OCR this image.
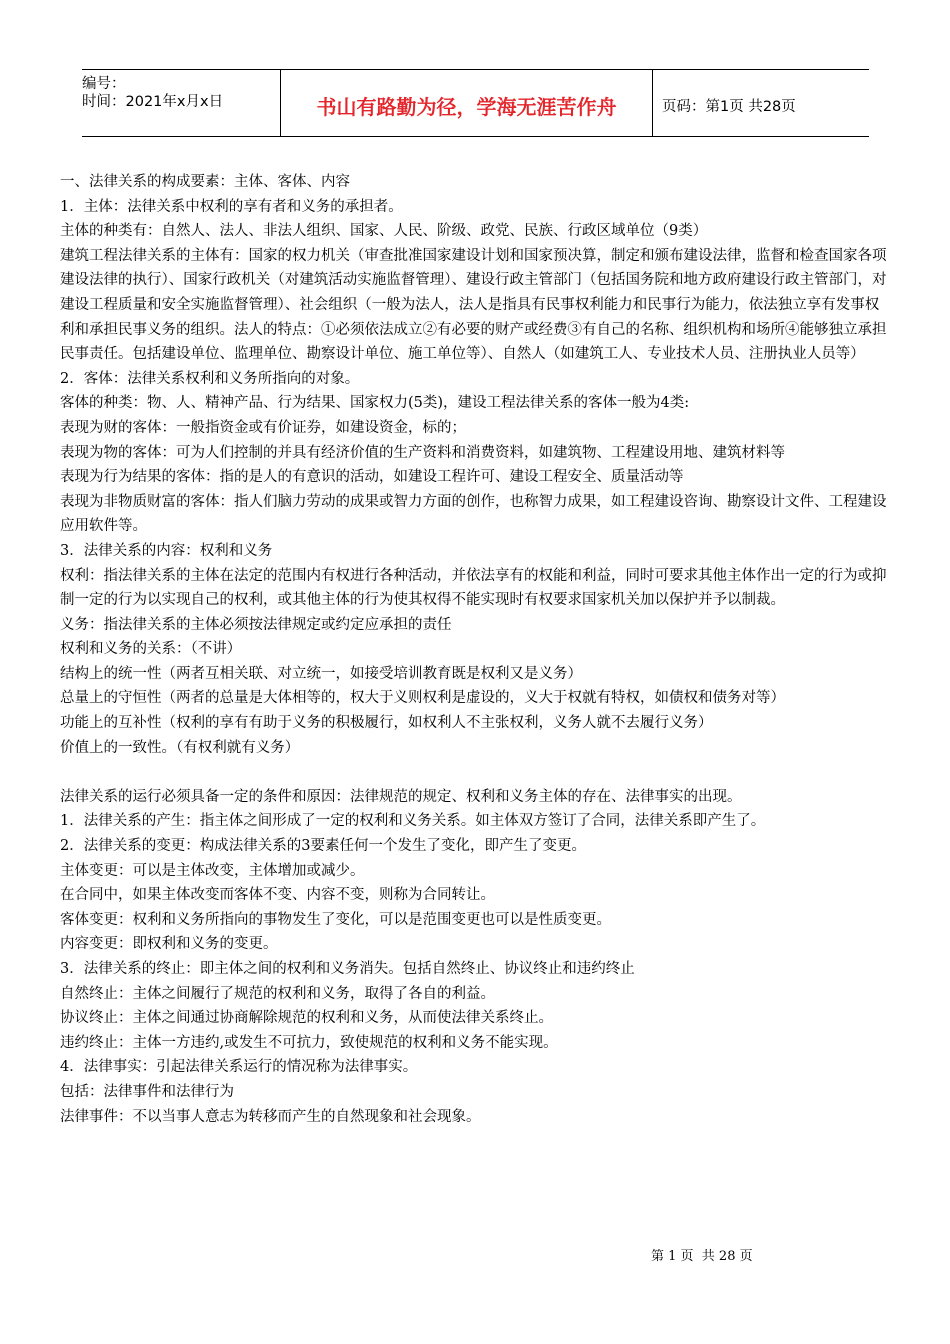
编号：
时间：2021年x月x日	书山有路勤为径，学海无涯苦作舟	页码：第1页 共28页

一、法律关系的构成要素：主体、客体、内容

1．主体：法律关系中权利的享有者和义务的承担者。

主体的种类有：自然人、法人、非法人组织、国家、人民、阶级、政党、民族、行政区域单位（9类）

建筑工程法律关系的主体有：国家的权力机关（审查批准国家建设计划和国家预决算，制定和颁布建设法律，监督和检查国家各项建设法律的执行）、国家行政机关（对建筑活动实施监督管理）、建设行政主管部门（包括国务院和地方政府建设行政主管部门，对建设工程质量和安全实施监督管理）、社会组织（一般为法人，法人是指具有民事权利能力和民事行为能力，依法独立享有发事权利和承担民事义务的组织。法人的特点：①必须依法成立②有必要的财产或经费③有自己的名称、组织机构和场所④能够独立承担民事责任。包括建设单位、监理单位、勘察设计单位、施工单位等）、自然人（如建筑工人、专业技术人员、注册执业人员等）

2．客体：法律关系权利和义务所指向的对象。

客体的种类：物、人、精神产品、行为结果、国家权力(5类)，建设工程法律关系的客体一般为4类:

表现为财的客体：一般指资金或有价证券，如建设资金，标的；

表现为物的客体：可为人们控制的并具有经济价值的生产资料和消费资料，如建筑物、工程建设用地、建筑材料等

表现为行为结果的客体：指的是人的有意识的活动，如建设工程许可、建设工程安全、质量活动等

表现为非物质财富的客体：指人们脑力劳动的成果或智力方面的创作，也称智力成果，如工程建设咨询、勘察设计文件、工程建设应用软件等。

3．法律关系的内容：权利和义务

权利：指法律关系的主体在法定的范围内有权进行各种活动，并依法享有的权能和利益，同时可要求其他主体作出一定的行为或抑制一定的行为以实现自己的权利，或其他主体的行为使其权得不能实现时有权要求国家机关加以保护并予以制裁。

义务：指法律关系的主体必须按法律规定或约定应承担的责任

权利和义务的关系：（不讲）

结构上的统一性（两者互相关联、对立统一，如接受培训教育既是权利又是义务）

总量上的守恒性（两者的总量是大体相等的，权大于义则权利是虚设的，义大于权就有特权，如债权和债务对等）

功能上的互补性（权利的享有有助于义务的积极履行，如权利人不主张权利，义务人就不去履行义务）

价值上的一致性。（有权利就有义务）

法律关系的运行必须具备一定的条件和原因：法律规范的规定、权利和义务主体的存在、法律事实的出现。

1．法律关系的产生：指主体之间形成了一定的权利和义务关系。如主体双方签订了合同，法律关系即产生了。

2．法律关系的变更：构成法律关系的3要素任何一个发生了变化，即产生了变更。

主体变更：可以是主体改变，主体增加或减少。

在合同中，如果主体改变而客体不变、内容不变，则称为合同转让。

客体变更：权利和义务所指向的事物发生了变化，可以是范围变更也可以是性质变更。

内容变更：即权利和义务的变更。

3．法律关系的终止：即主体之间的权利和义务消失。包括自然终止、协议终止和违约终止

自然终止：主体之间履行了规范的权利和义务，取得了各自的利益。

协议终止：主体之间通过协商解除规范的权利和义务，从而使法律关系终止。

违约终止：主体一方违约,或发生不可抗力，致使规范的权利和义务不能实现。

4．法律事实：引起法律关系运行的情况称为法律事实。

包括：法律事件和法律行为

法律事件：不以当事人意志为转移而产生的自然现象和社会现象。

第 1 页  共 28 页
